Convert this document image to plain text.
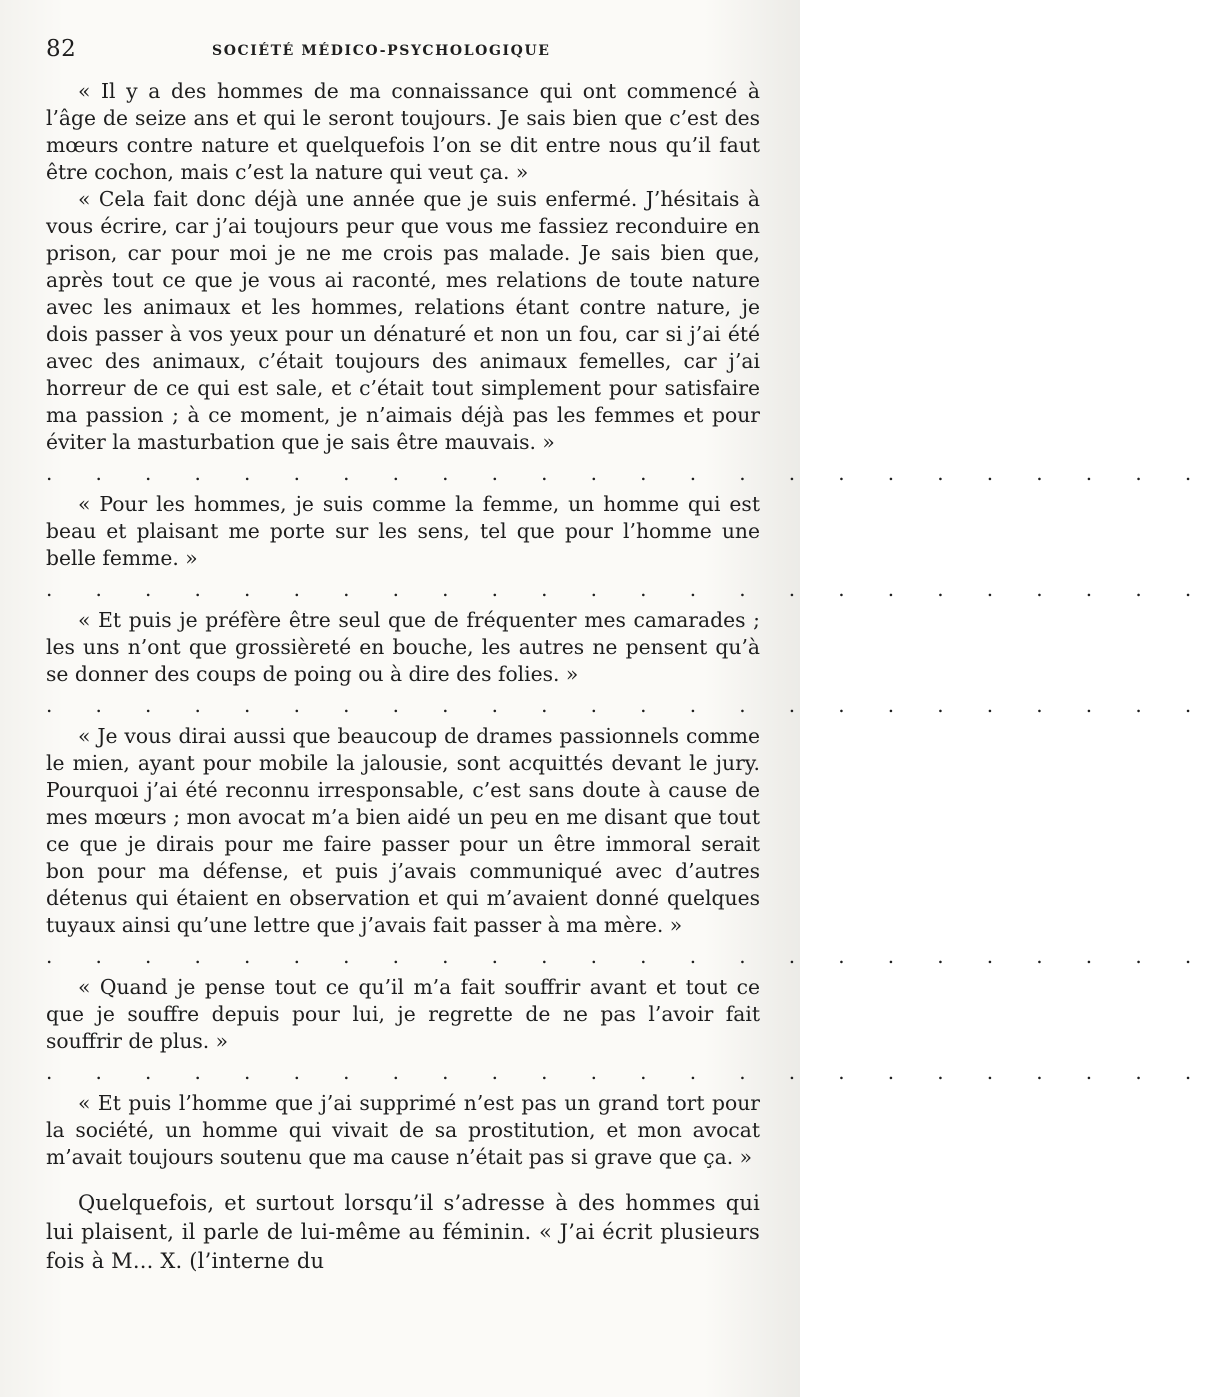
82	SOCIÉTÉ MÉDICO-PSYCHOLOGIQUE

« Il y a des hommes de ma connaissance qui ont commencé à l’âge de seize ans et qui le seront toujours. Je sais bien que c’est des mœurs contre nature et quelquefois l’on se dit entre nous qu’il faut être cochon, mais c’est la nature qui veut ça. »

« Cela fait donc déjà une année que je suis enfermé. J’hésitais à vous écrire, car j’ai toujours peur que vous me fassiez reconduire en prison, car pour moi je ne me crois pas malade. Je sais bien que, après tout ce que je vous ai raconté, mes relations de toute nature avec les animaux et les hommes, relations étant contre nature, je dois passer à vos yeux pour un dénaturé et non un fou, car si j’ai été avec des animaux, c’était toujours des animaux femelles, car j’ai horreur de ce qui est sale, et c’était tout simplement pour satisfaire ma passion ; à ce moment, je n’aimais déjà pas les femmes et pour éviter la masturbation que je sais être mauvais. »

. . . . . . . . . . . . . . . . . . . . . . . .

« Pour les hommes, je suis comme la femme, un homme qui est beau et plaisant me porte sur les sens, tel que pour l’homme une belle femme. »

. . . . . . . . . . . . . . . . . . . . . . . .

« Et puis je préfère être seul que de fréquenter mes camarades ; les uns n’ont que grossièreté en bouche, les autres ne pensent qu’à se donner des coups de poing ou à dire des folies. »

. . . . . . . . . . . . . . . . . . . . . . . .

« Je vous dirai aussi que beaucoup de drames passionnels comme le mien, ayant pour mobile la jalousie, sont acquittés devant le jury. Pourquoi j’ai été reconnu irresponsable, c’est sans doute à cause de mes mœurs ; mon avocat m’a bien aidé un peu en me disant que tout ce que je dirais pour me faire passer pour un être immoral serait bon pour ma défense, et puis j’avais communiqué avec d’autres détenus qui étaient en observation et qui m’avaient donné quelques tuyaux ainsi qu’une lettre que j’avais fait passer à ma mère. »

. . . . . . . . . . . . . . . . . . . . . . . .

« Quand je pense tout ce qu’il m’a fait souffrir avant et tout ce que je souffre depuis pour lui, je regrette de ne pas l’avoir fait souffrir de plus. »

. . . . . . . . . . . . . . . . . . . . . . . .

« Et puis l’homme que j’ai supprimé n’est pas un grand tort pour la société, un homme qui vivait de sa prostitution, et mon avocat m’avait toujours soutenu que ma cause n’était pas si grave que ça. »

Quelquefois, et surtout lorsqu’il s’adresse à des hommes qui lui plaisent, il parle de lui-même au féminin. « J’ai écrit plusieurs fois à M... X. (l’interne du
